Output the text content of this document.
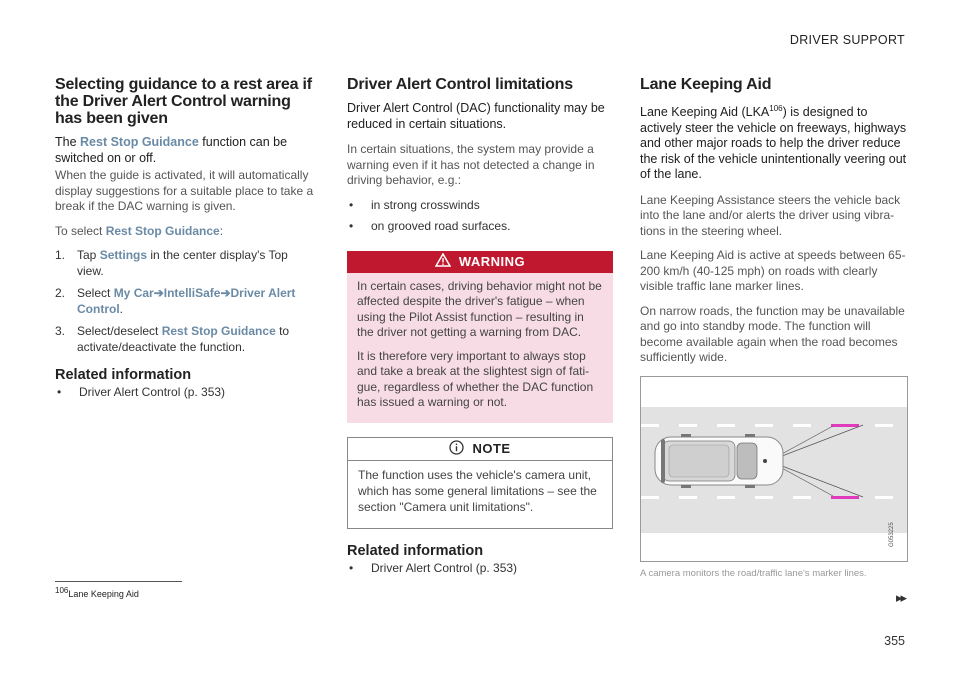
DRIVER SUPPORT
Selecting guidance to a rest area if the Driver Alert Control warning has been given
The Rest Stop Guidance function can be switched on or off.

When the guide is activated, it will automatically display suggestions for a suitable place to take a break if the DAC warning is given.

To select Rest Stop Guidance:

1. Tap Settings in the center display's Top view.
2. Select My Car➔IntelliSafe➔Driver Alert Control.
3. Select/deselect Rest Stop Guidance to activate/deactivate the function.
Related information
•	Driver Alert Control (p. 353)
Driver Alert Control limitations
Driver Alert Control (DAC) functionality may be reduced in certain situations.

In certain situations, the system may provide a warning even if it has not detected a change in driving behavior, e.g.:

•	in strong crosswinds
•	on grooved road surfaces.
WARNING

In certain cases, driving behavior might not be affected despite the driver's fatigue – when using the Pilot Assist function – resulting in the driver not getting a warning from DAC.

It is therefore very important to always stop and take a break at the slightest sign of fati-gue, regardless of whether the DAC function has issued a warning or not.

NOTE

The function uses the vehicle's camera unit, which has some general limitations – see the section "Camera unit limitations".

Related information
•	Driver Alert Control (p. 353)
Lane Keeping Aid
Lane Keeping Aid (LKA$^{106}$) is designed to actively steer the vehicle on freeways, highways and other major roads to help the driver reduce the risk of the vehicle unintentionally veering out of the lane.

Lane Keeping Assistance steers the vehicle back into the lane and/or alerts the driver using vibra-tions in the steering wheel.

Lane Keeping Aid is active at speeds between 65-200 km/h (40-125 mph) on roads with clearly visible traffic lane marker lines.

On narrow roads, the function may be unavailable and go into standby mode. The function will become available again when the road becomes sufficiently wide.

G053225
A camera monitors the road/traffic lane's marker lines.
$^{106}$Lane Keeping Aid	▸▸
355
